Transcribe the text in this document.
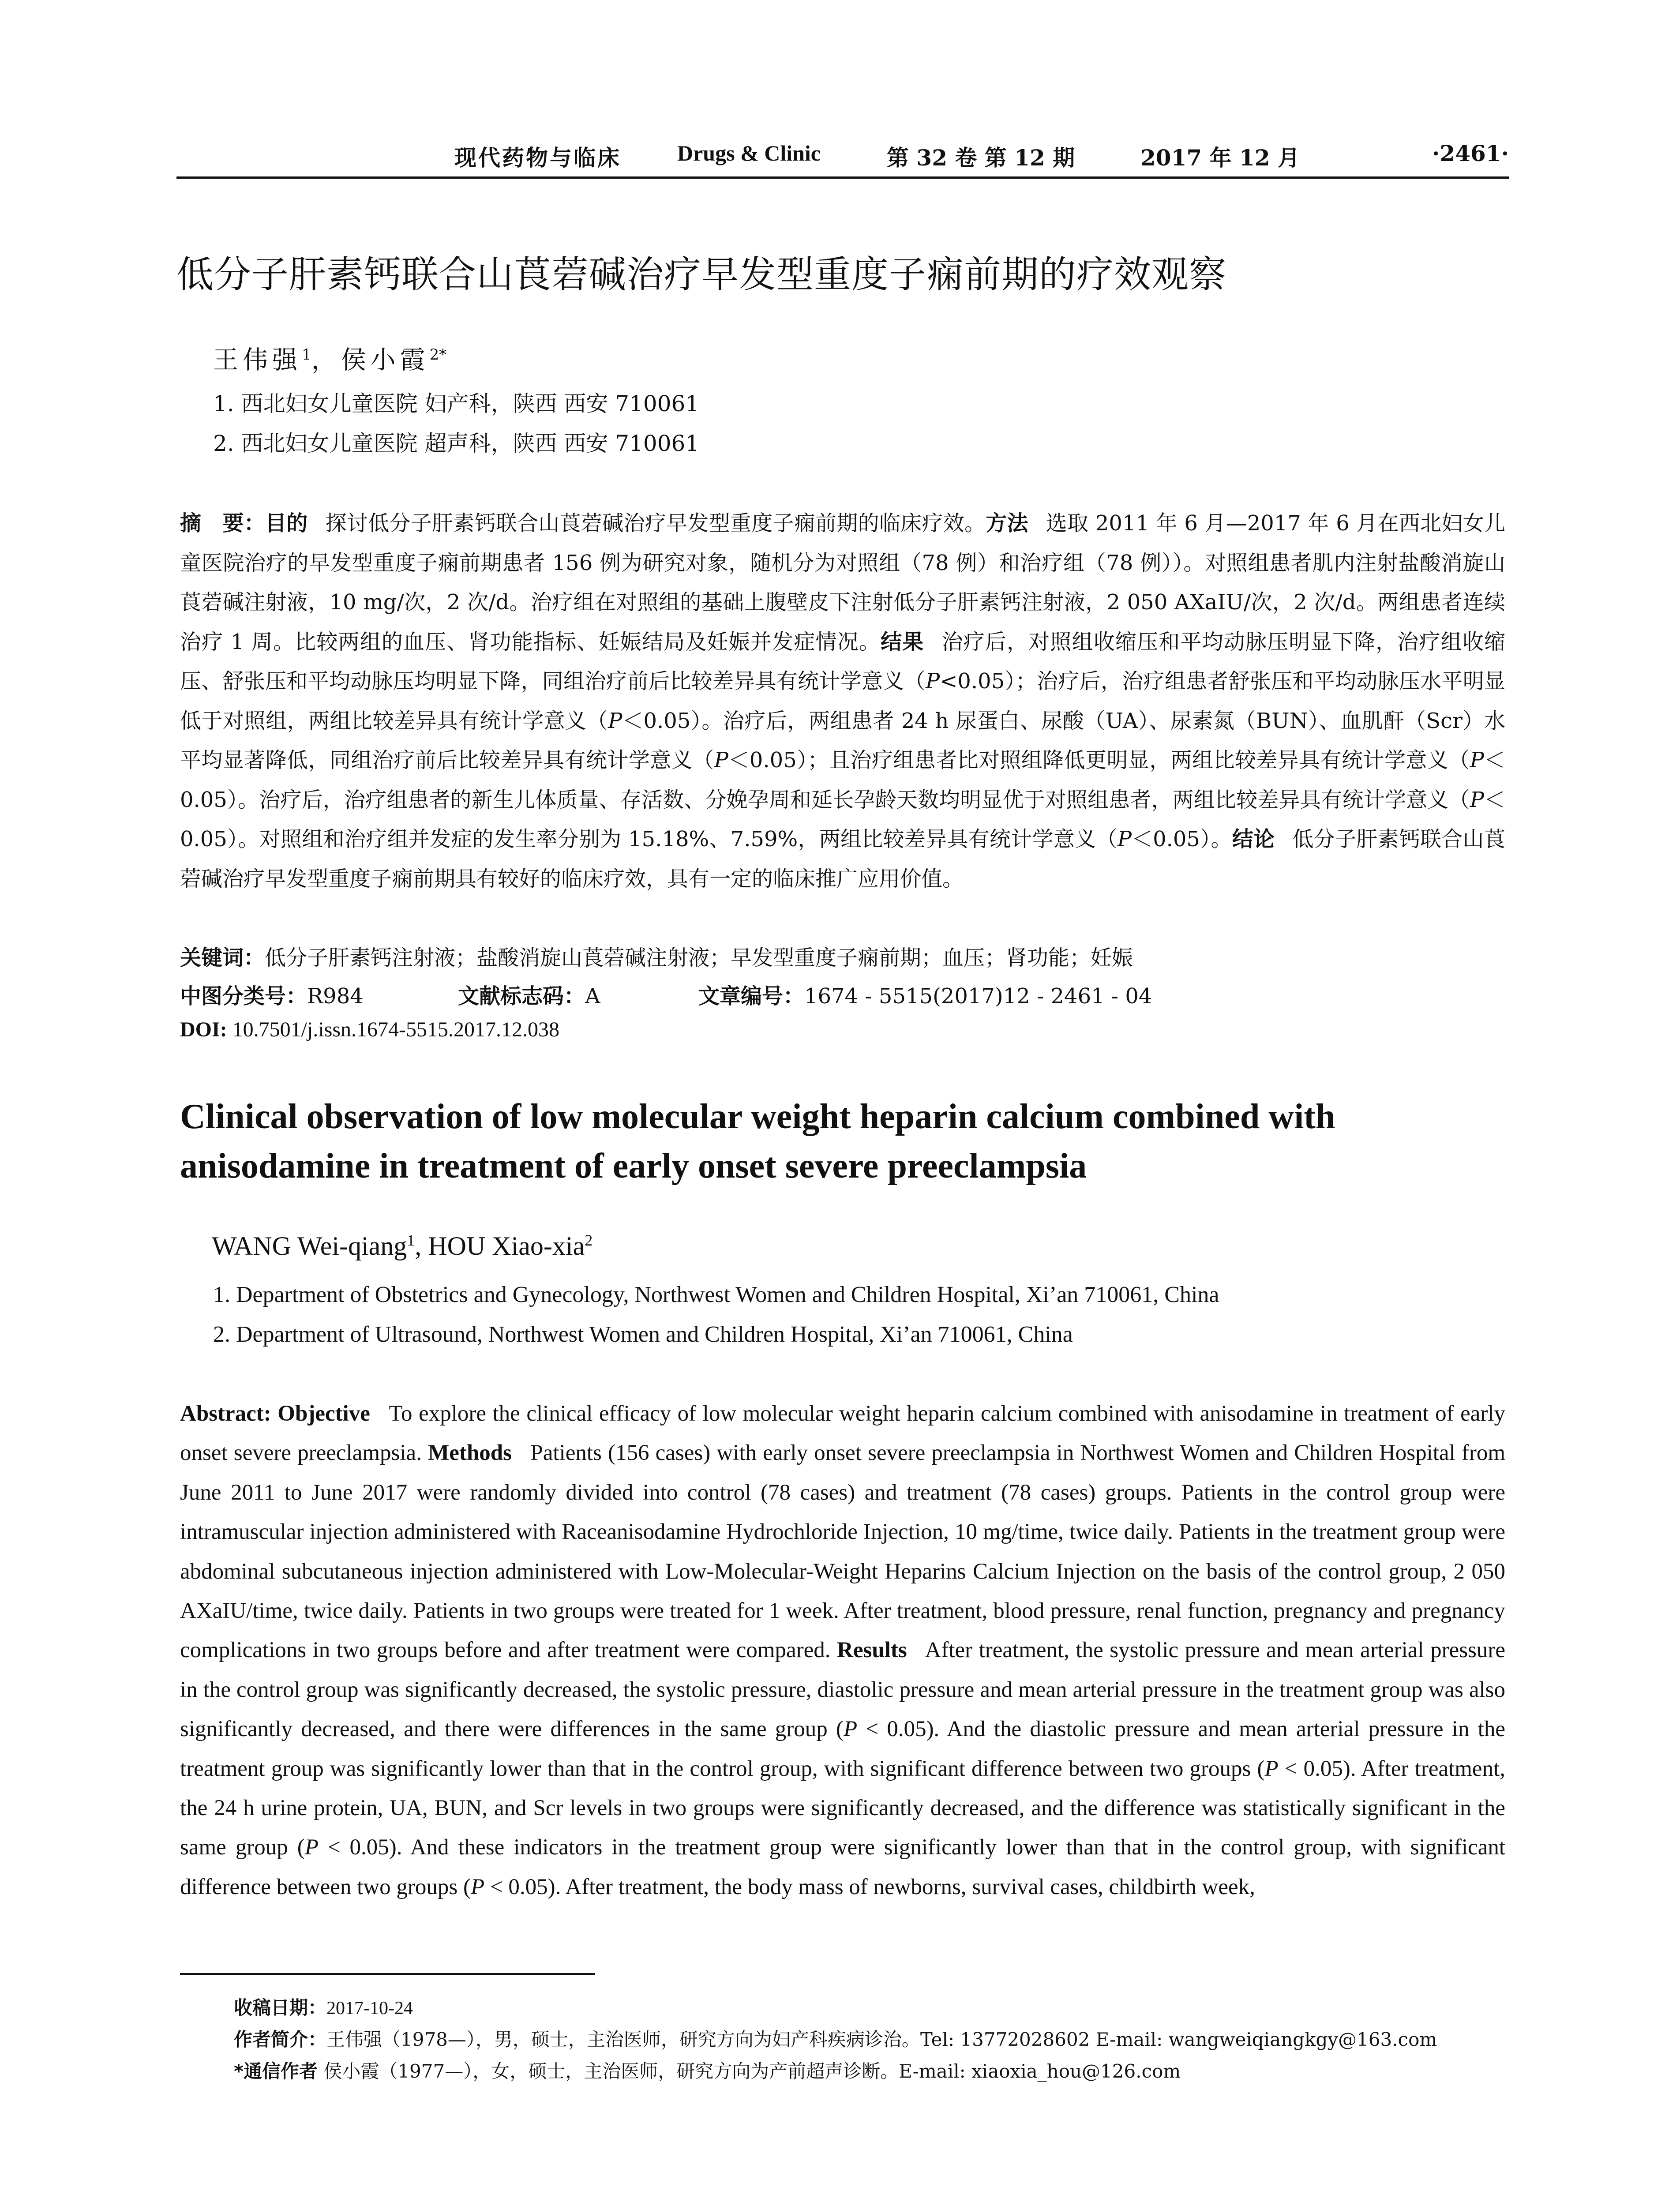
现代药物与临床	Drugs & Clinic	第 32 卷 第 12 期	2017 年 12 月	·2461·
低分子肝素钙联合山莨菪碱治疗早发型重度子痫前期的疗效观察
王伟强$^1$，侯小霞$^{2*}$
1. 西北妇女儿童医院 妇产科，陕西 西安 710061
2. 西北妇女儿童医院 超声科，陕西 西安 710061
摘　要：目的 探讨低分子肝素钙联合山莨菪碱治疗早发型重度子痫前期的临床疗效。方法 选取 2011 年 6 月—2017 年 6 月在西北妇女儿童医院治疗的早发型重度子痫前期患者 156 例为研究对象，随机分为对照组（78 例）和治疗组（78 例））。对照组患者肌内注射盐酸消旋山莨菪碱注射液，10 mg/次，2 次/d。治疗组在对照组的基础上腹壁皮下注射低分子肝素钙注射液，2 050 AXaIU/次，2 次/d。两组患者连续治疗 1 周。比较两组的血压、肾功能指标、妊娠结局及妊娠并发症情况。结果 治疗后，对照组收缩压和平均动脉压明显下降，治疗组收缩压、舒张压和平均动脉压均明显下降，同组治疗前后比较差异具有统计学意义（P<0.05）；治疗后，治疗组患者舒张压和平均动脉压水平明显低于对照组，两组比较差异具有统计学意义（P＜0.05）。治疗后，两组患者 24 h 尿蛋白、尿酸（UA）、尿素氮（BUN）、血肌酐（Scr）水平均显著降低，同组治疗前后比较差异具有统计学意义（P＜0.05）；且治疗组患者比对照组降低更明显，两组比较差异具有统计学意义（P＜0.05）。治疗后，治疗组患者的新生儿体质量、存活数、分娩孕周和延长孕龄天数均明显优于对照组患者，两组比较差异具有统计学意义（P＜0.05）。对照组和治疗组并发症的发生率分别为 15.18%、7.59%，两组比较差异具有统计学意义（P＜0.05）。结论 低分子肝素钙联合山莨菪碱治疗早发型重度子痫前期具有较好的临床疗效，具有一定的临床推广应用价值。
关键词：低分子肝素钙注射液；盐酸消旋山莨菪碱注射液；早发型重度子痫前期；血压；肾功能；妊娠
中图分类号：R984	文献标志码：A	文章编号：1674 - 5515(2017)12 - 2461 - 04
DOI: 10.7501/j.issn.1674-5515.2017.12.038
Clinical observation of low molecular weight heparin calcium combined with anisodamine in treatment of early onset severe preeclampsia
WANG Wei-qiang$^1$, HOU Xiao-xia$^2$
1. Department of Obstetrics and Gynecology, Northwest Women and Children Hospital, Xi’an 710061, China
2. Department of Ultrasound, Northwest Women and Children Hospital, Xi’an 710061, China
Abstract: Objective To explore the clinical efficacy of low molecular weight heparin calcium combined with anisodamine in treatment of early onset severe preeclampsia. Methods Patients (156 cases) with early onset severe preeclampsia in Northwest Women and Children Hospital from June 2011 to June 2017 were randomly divided into control (78 cases) and treatment (78 cases) groups. Patients in the control group were intramuscular injection administered with Raceanisodamine Hydrochloride Injection, 10 mg/time, twice daily. Patients in the treatment group were abdominal subcutaneous injection administered with Low-Molecular-Weight Heparins Calcium Injection on the basis of the control group, 2 050 AXaIU/time, twice daily. Patients in two groups were treated for 1 week. After treatment, blood pressure, renal function, pregnancy and pregnancy complications in two groups before and after treatment were compared. Results After treatment, the systolic pressure and mean arterial pressure in the control group was significantly decreased, the systolic pressure, diastolic pressure and mean arterial pressure in the treatment group was also significantly decreased, and there were differences in the same group (P < 0.05). And the diastolic pressure and mean arterial pressure in the treatment group was significantly lower than that in the control group, with significant difference between two groups (P < 0.05). After treatment, the 24 h urine protein, UA, BUN, and Scr levels in two groups were significantly decreased, and the difference was statistically significant in the same group (P < 0.05). And these indicators in the treatment group were significantly lower than that in the control group, with significant difference between two groups (P < 0.05). After treatment, the body mass of newborns, survival cases, childbirth week,
收稿日期：2017-10-24
作者简介：王伟强（1978—），男，硕士，主治医师，研究方向为妇产科疾病诊治。Tel: 13772028602 E-mail: wangweiqiangkgy@163.com
*通信作者 侯小霞（1977—），女，硕士，主治医师，研究方向为产前超声诊断。E-mail: xiaoxia_hou@126.com
